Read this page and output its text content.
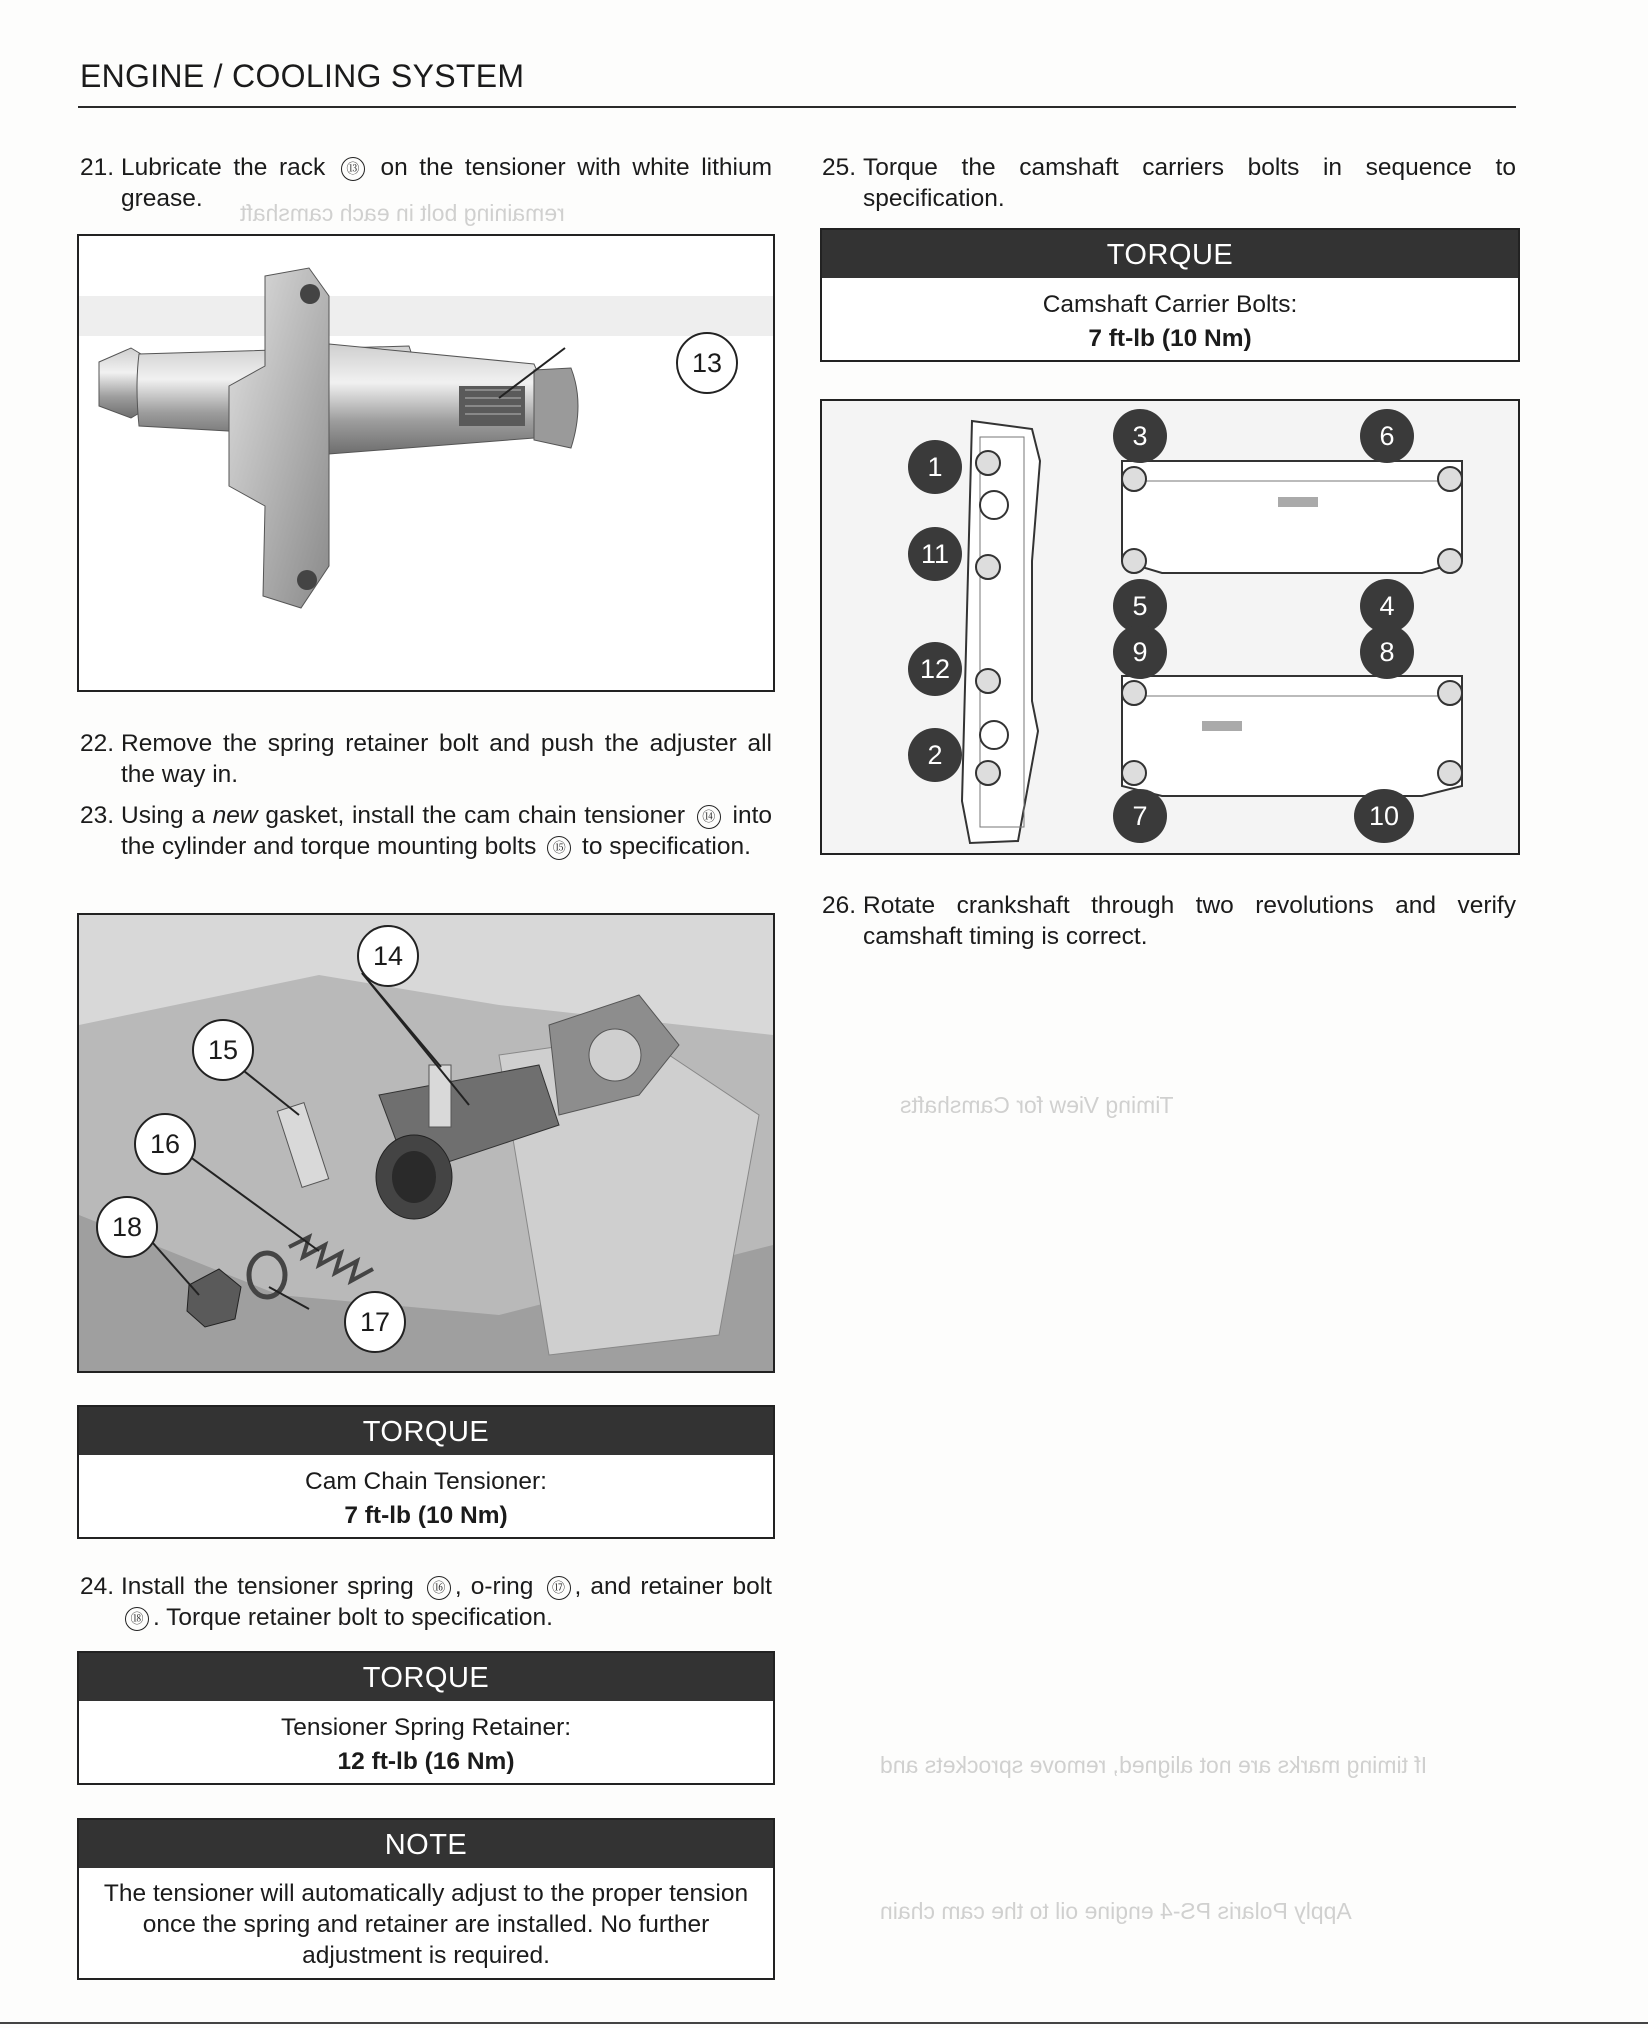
ENGINE / COOLING SYSTEM
remaining bolt in each camshaft
Timing View for Camshafts
If timing marks are not aligned, remove sprockets and
Apply Polaris PS-4 engine oil to the cam chain
21. Lubricate the rack ⑬ on the tensioner with white lithium grease.
13
22. Remove the spring retainer bolt and push the adjuster all the way in.
23. Using a new gasket, install the cam chain tensioner ⑭ into the cylinder and torque mounting bolts ⑮ to specification.
14
15
16
18
17
TORQUE
Cam Chain Tensioner:
7 ft-lb (10 Nm)
24. Install the tensioner spring ⑯ , o-ring ⑰ , and retainer bolt ⑱ . Torque retainer bolt to specification.
TORQUE
Tensioner Spring Retainer:
12 ft-lb (16 Nm)
NOTE
The tensioner will automatically adjust to the proper tension once the spring and retainer are installed. No further adjustment is required.
25. Torque the camshaft carriers bolts in sequence to specification.
TORQUE
Camshaft Carrier Bolts:
7 ft-lb (10 Nm)
1
11
12
2
3
5
9
7
6
4
8
10
26. Rotate crankshaft through two revolutions and verify camshaft timing is correct.
